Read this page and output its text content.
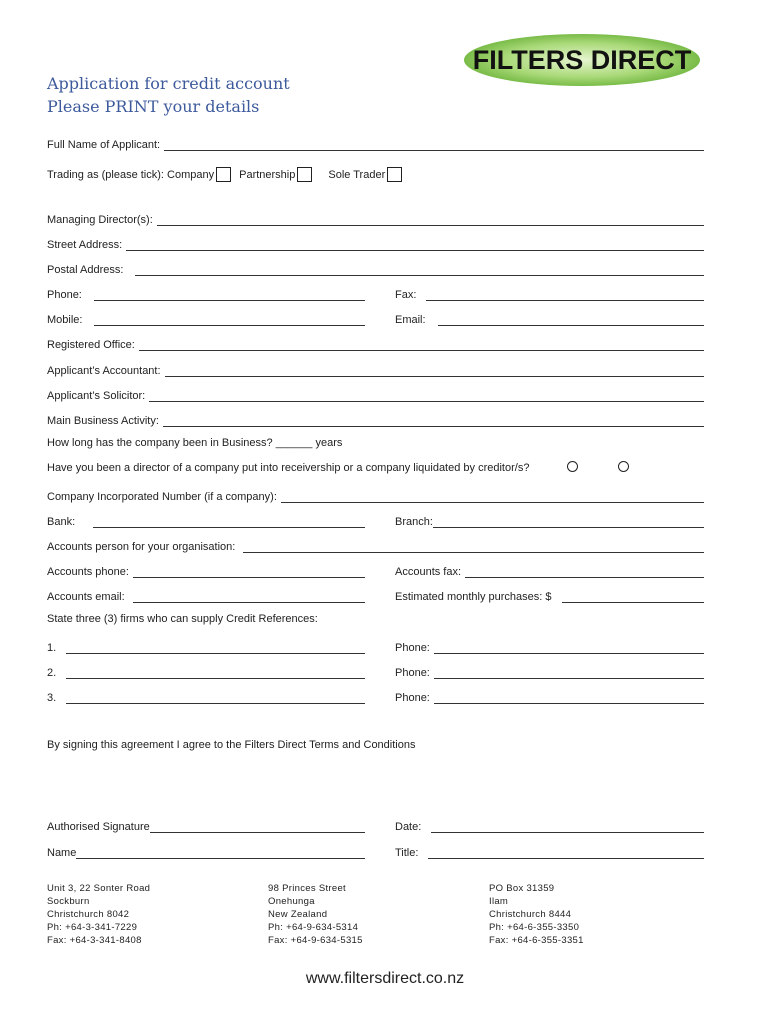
FILTERS DIRECT
Application for credit account
Please PRINT your details
Full Name of Applicant:
Trading as (please tick): Company Partnership	Sole Trader
Managing Director(s):
Street Address:
Postal Address:
Phone:	Fax:
Mobile:	Email:
Registered Office:
Applicant’s Accountant:
Applicant’s Solicitor:
Main Business Activity:
How long has the company been in Business? ______ years
Have you been a director of a company put into receivership or a company liquidated by creditor/s?
Company Incorporated Number (if a company):
Bank:	Branch:
Accounts person for your organisation:
Accounts phone:	Accounts fax:
Accounts email:	Estimated monthly purchases: $
State three (3) firms who can supply Credit References:
1.	Phone:
2.	Phone:
3.	Phone:
By signing this agreement I agree to the Filters Direct Terms and Conditions
Authorised Signature	Date:
Name	Title:
Unit 3, 22 Sonter Road
Sockburn
Christchurch 8042
Ph: +64-3-341-7229
Fax: +64-3-341-8408
98 Princes Street
Onehunga
New Zealand
Ph: +64-9-634-5314
Fax: +64-9-634-5315
PO Box 31359
Ilam
Christchurch 8444
Ph: +64-6-355-3350
Fax: +64-6-355-3351
www.filtersdirect.co.nz
